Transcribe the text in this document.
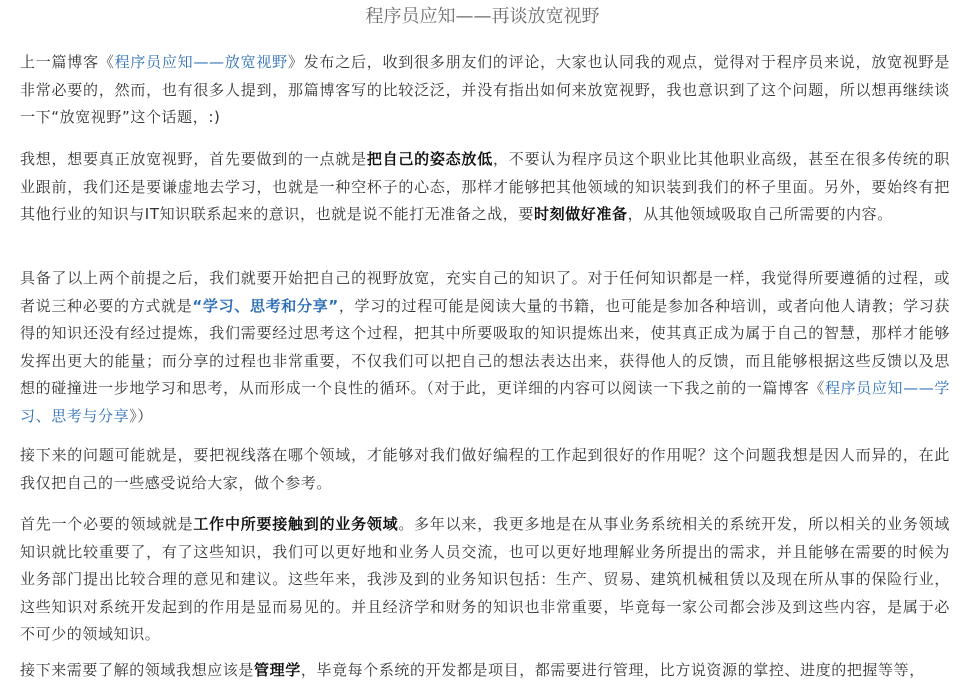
程序员应知——再谈放宽视野

上一篇博客《程序员应知——放宽视野》发布之后，收到很多朋友们的评论，大家也认同我的观点，觉得对于程序员来说，放宽视野是非常必要的，然而，也有很多人提到，那篇博客写的比较泛泛，并没有指出如何来放宽视野，我也意识到了这个问题，所以想再继续谈一下“放宽视野”这个话题，:)

我想，想要真正放宽视野，首先要做到的一点就是把自己的姿态放低，不要认为程序员这个职业比其他职业高级，甚至在很多传统的职业跟前，我们还是要谦虚地去学习，也就是一种空杯子的心态，那样才能够把其他领域的知识装到我们的杯子里面。另外，要始终有把其他行业的知识与IT知识联系起来的意识，也就是说不能打无准备之战，要时刻做好准备，从其他领域吸取自己所需要的内容。

具备了以上两个前提之后，我们就要开始把自己的视野放宽，充实自己的知识了。对于任何知识都是一样，我觉得所要遵循的过程，或者说三种必要的方式就是“学习、思考和分享”，学习的过程可能是阅读大量的书籍，也可能是参加各种培训，或者向他人请教；学习获得的知识还没有经过提炼，我们需要经过思考这个过程，把其中所要吸取的知识提炼出来，使其真正成为属于自己的智慧，那样才能够发挥出更大的能量；而分享的过程也非常重要，不仅我们可以把自己的想法表达出来，获得他人的反馈，而且能够根据这些反馈以及思想的碰撞进一步地学习和思考，从而形成一个良性的循环。（对于此，更详细的内容可以阅读一下我之前的一篇博客《程序员应知——学习、思考与分享》）

接下来的问题可能就是，要把视线落在哪个领域，才能够对我们做好编程的工作起到很好的作用呢？这个问题我想是因人而异的，在此我仅把自己的一些感受说给大家，做个参考。

首先一个必要的领域就是工作中所要接触到的业务领域。多年以来，我更多地是在从事业务系统相关的系统开发，所以相关的业务领域知识就比较重要了，有了这些知识，我们可以更好地和业务人员交流，也可以更好地理解业务所提出的需求，并且能够在需要的时候为业务部门提出比较合理的意见和建议。这些年来，我涉及到的业务知识包括：生产、贸易、建筑机械租赁以及现在所从事的保险行业，这些知识对系统开发起到的作用是显而易见的。并且经济学和财务的知识也非常重要，毕竟每一家公司都会涉及到这些内容，是属于必不可少的领域知识。

接下来需要了解的领域我想应该是管理学，毕竟每个系统的开发都是项目，都需要进行管理，比方说资源的掌控、进度的把握等等，
